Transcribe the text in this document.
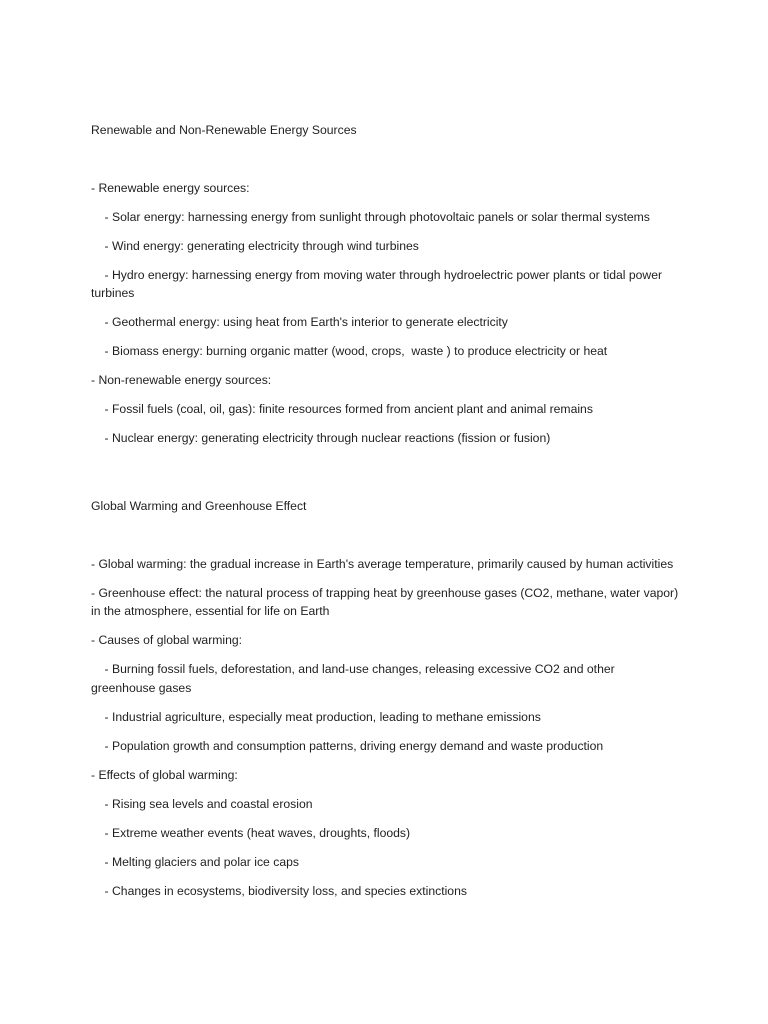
Renewable and Non-Renewable Energy Sources

- Renewable energy sources:

- Solar energy: harnessing energy from sunlight through photovoltaic panels or solar thermal systems

- Wind energy: generating electricity through wind turbines

- Hydro energy: harnessing energy from moving water through hydroelectric power plants or tidal power turbines

- Geothermal energy: using heat from Earth's interior to generate electricity

- Biomass energy: burning organic matter (wood, crops,  waste ) to produce electricity or heat

- Non-renewable energy sources:

- Fossil fuels (coal, oil, gas): finite resources formed from ancient plant and animal remains

- Nuclear energy: generating electricity through nuclear reactions (fission or fusion)

Global Warming and Greenhouse Effect

- Global warming: the gradual increase in Earth's average temperature, primarily caused by human activities

- Greenhouse effect: the natural process of trapping heat by greenhouse gases (CO2, methane, water vapor) in the atmosphere, essential for life on Earth

- Causes of global warming:

- Burning fossil fuels, deforestation, and land-use changes, releasing excessive CO2 and other greenhouse gases

- Industrial agriculture, especially meat production, leading to methane emissions

- Population growth and consumption patterns, driving energy demand and waste production

- Effects of global warming:

- Rising sea levels and coastal erosion

- Extreme weather events (heat waves, droughts, floods)

- Melting glaciers and polar ice caps

- Changes in ecosystems, biodiversity loss, and species extinctions
